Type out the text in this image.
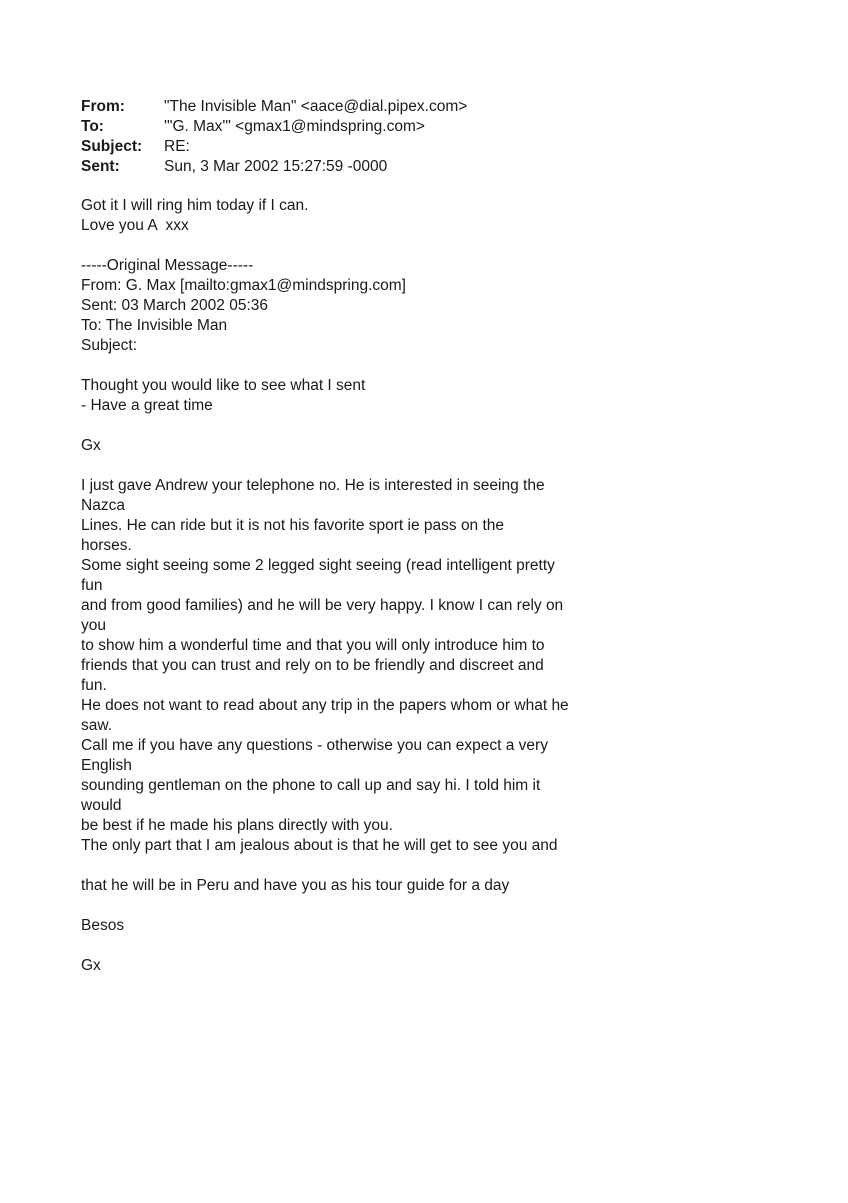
From:	"The Invisible Man" <aace@dial.pipex.com>
To:	'"G. Max'" <gmax1@mindspring.com>
Subject:	RE:
Sent:	Sun, 3 Mar 2002 15:27:59 -0000
Got it I will ring him today if I can.
Love you A  xxx
-----Original Message-----
From: G. Max [mailto:gmax1@mindspring.com]
Sent: 03 March 2002 05:36
To: The Invisible Man
Subject:
Thought you would like to see what I sent
- Have a great time
Gx
I just gave Andrew your telephone no. He is interested in seeing the
Nazca
Lines. He can ride but it is not his favorite sport ie pass on the
horses.
Some sight seeing some 2 legged sight seeing (read intelligent pretty
fun
and from good families) and he will be very happy. I know I can rely on
you
to show him a wonderful time and that you will only introduce him to
friends that you can trust and rely on to be friendly and discreet and
fun.
He does not want to read about any trip in the papers whom or what he
saw.
Call me if you have any questions - otherwise you can expect a very
English
sounding gentleman on the phone to call up and say hi. I told him it
would
be best if he made his plans directly with you.
The only part that I am jealous about is that he will get to see you and
that he will be in Peru and have you as his tour guide for a day
Besos
Gx
